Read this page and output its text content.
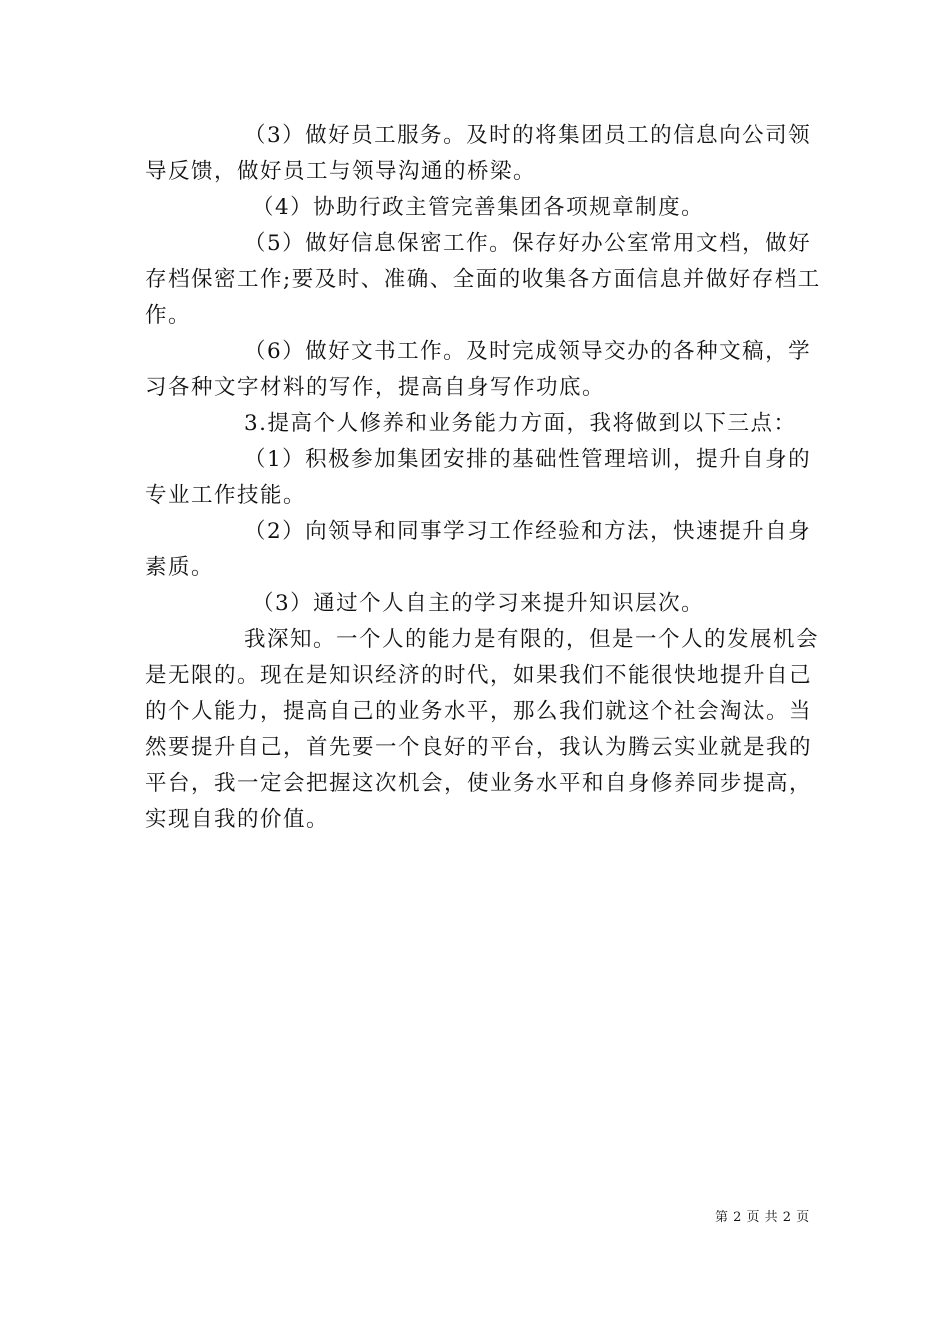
（3）做好员工服务。及时的将集团员工的信息向公司领
导反馈，做好员工与领导沟通的桥梁。
（4）协助行政主管完善集团各项规章制度。
（5）做好信息保密工作。保存好办公室常用文档，做好
存档保密工作;要及时、准确、全面的收集各方面信息并做好存档工
作。
（6）做好文书工作。及时完成领导交办的各种文稿，学
习各种文字材料的写作，提高自身写作功底。
3.提高个人修养和业务能力方面，我将做到以下三点：
（1）积极参加集团安排的基础性管理培训，提升自身的
专业工作技能。
（2）向领导和同事学习工作经验和方法，快速提升自身
素质。
（3）通过个人自主的学习来提升知识层次。
我深知。一个人的能力是有限的，但是一个人的发展机会
是无限的。现在是知识经济的时代，如果我们不能很快地提升自己
的个人能力，提高自己的业务水平，那么我们就这个社会淘汰。当
然要提升自己，首先要一个良好的平台，我认为腾云实业就是我的
平台，我一定会把握这次机会，使业务水平和自身修养同步提高，
实现自我的价值。
第 2 页 共 2 页
